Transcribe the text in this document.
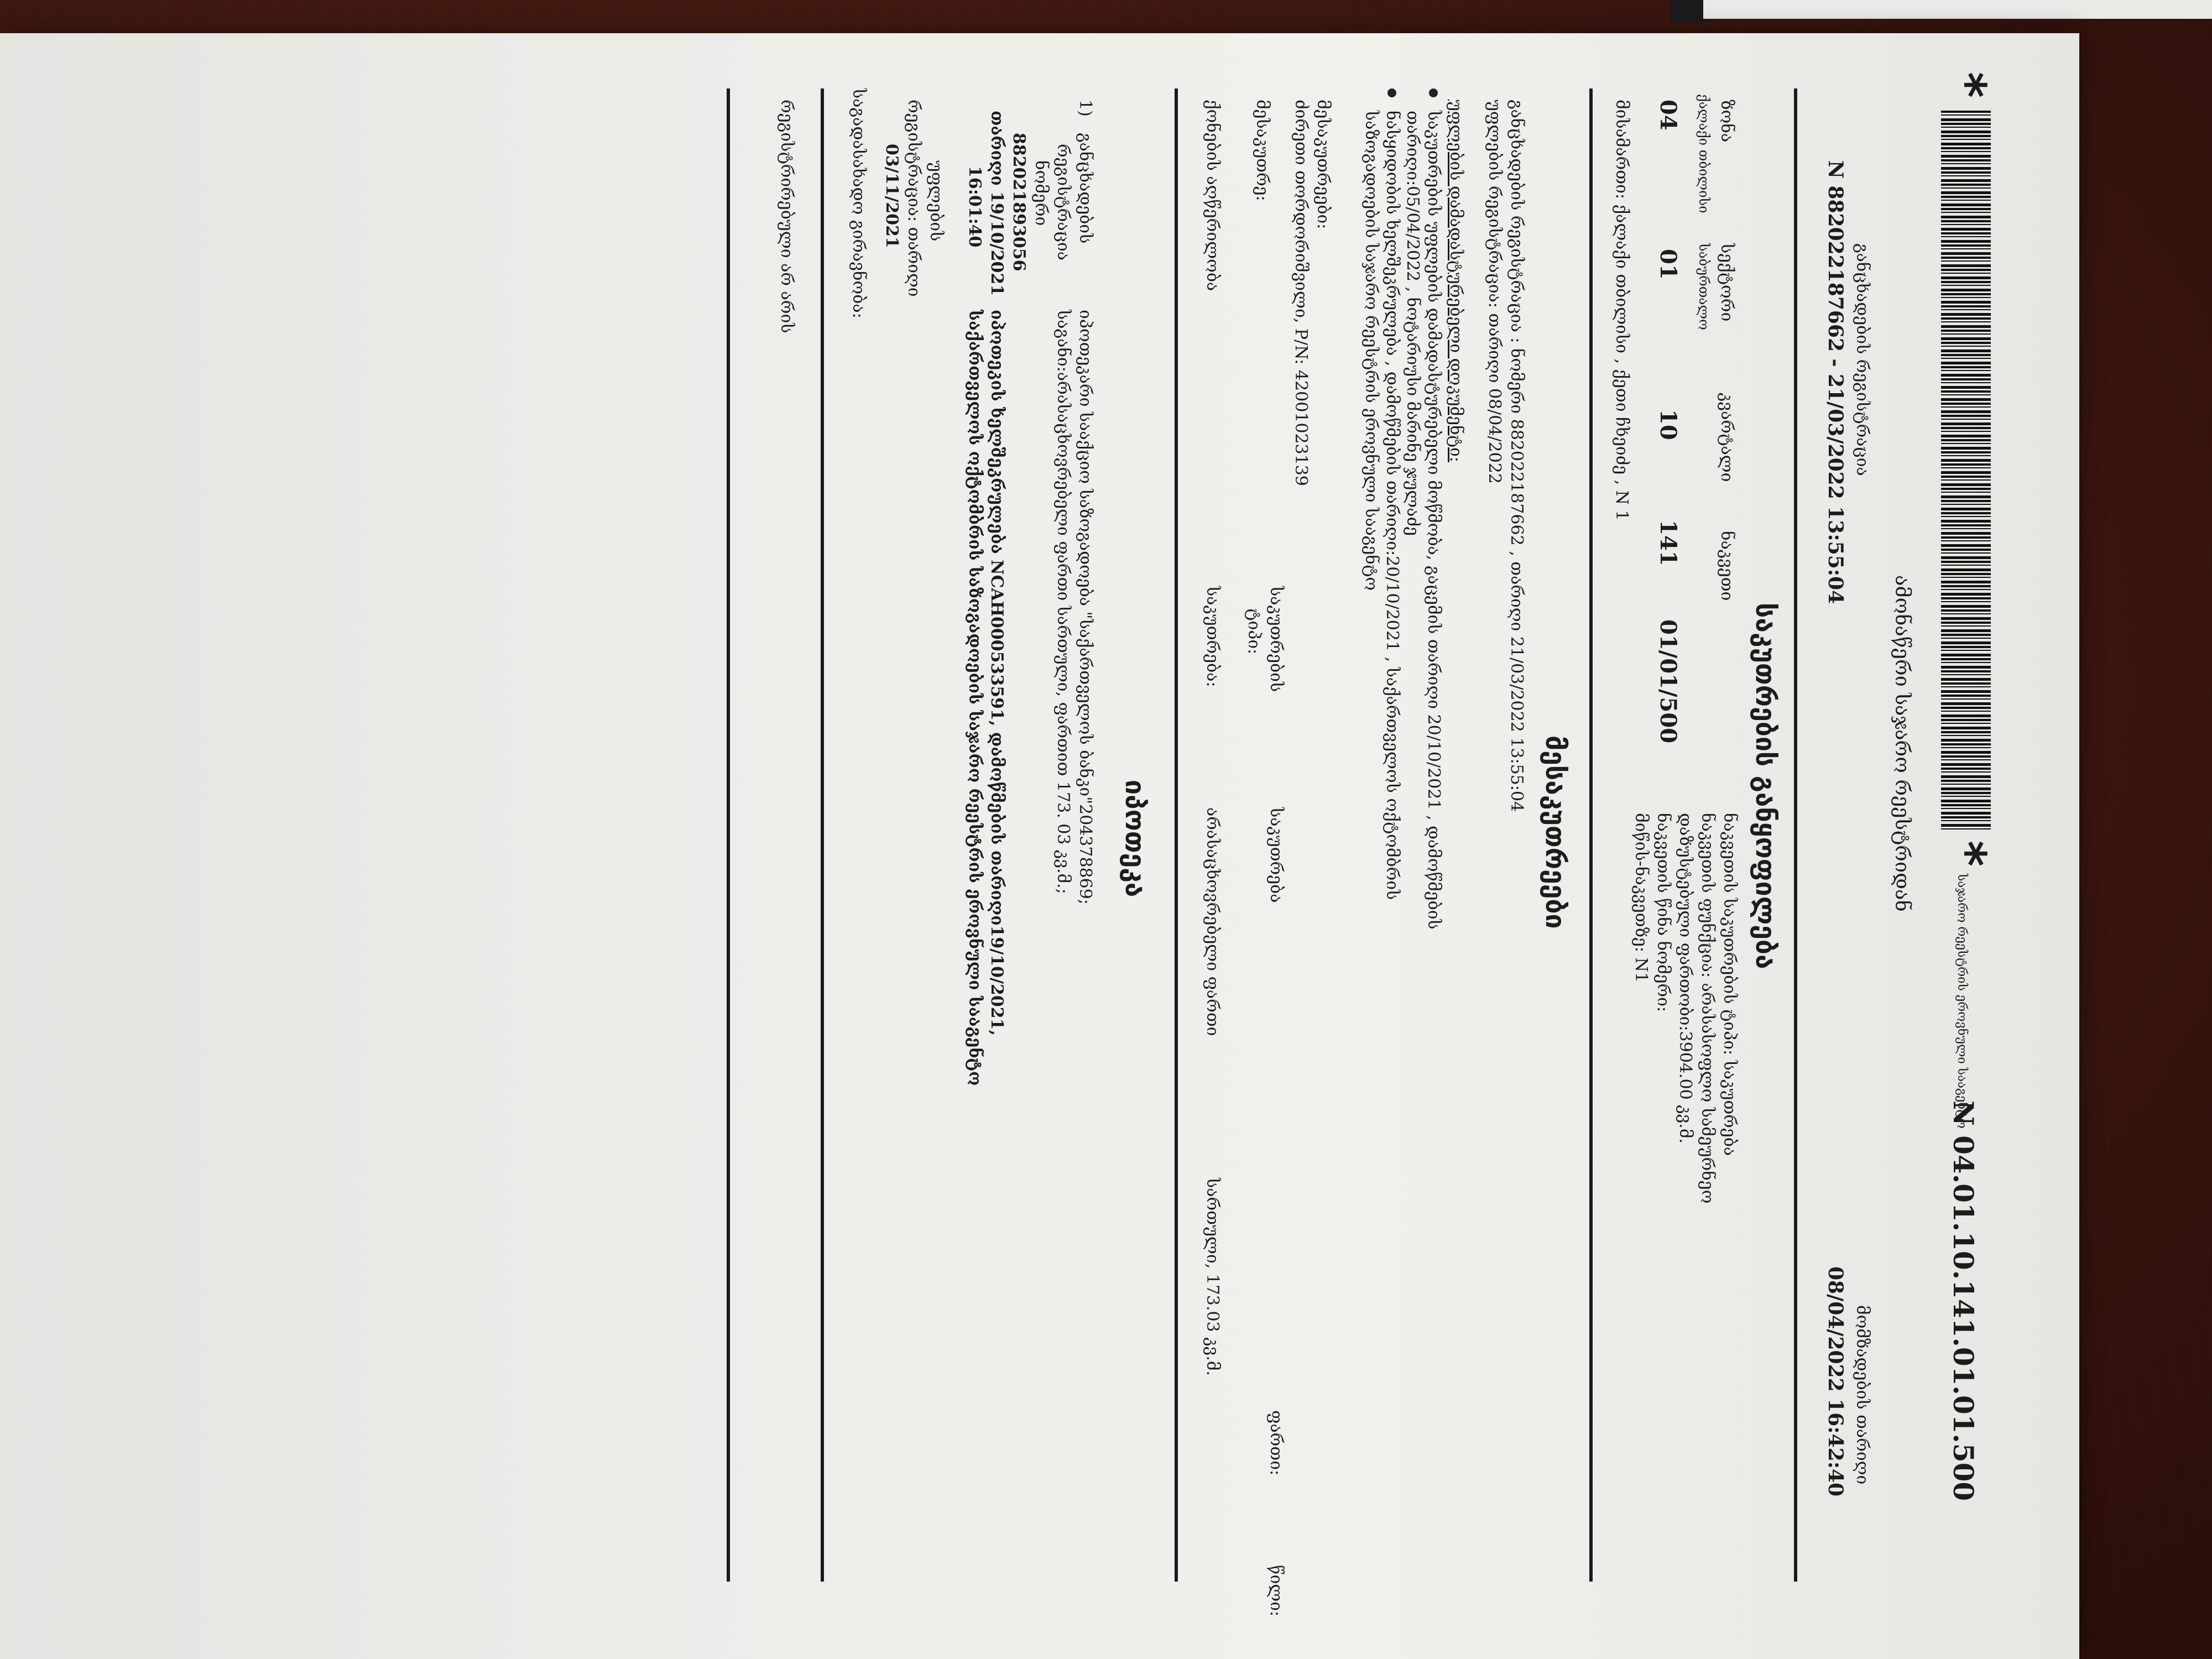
*
*
საჯარო რეესტრის ეროვნული სააგენტო
N 04.01.10.141.01.01.500
ამონაწერი საჯარო რეესტრიდან
განცხადების რეგისტრაცია
N 882022187662 - 21/03/2022 13:55:04
მომზადების თარიღი
08/04/2022 16:42:40
საკუთრების განყოფილება
ზონა
ქალაქი თბილისი
04
სექტორი
საბურთალო
01
კვარტალი
10
ნაკვეთი
141
01/01/500
ნაკვეთის საკუთრების ტიპი: საკუთრება
ნაკვეთის ფუნქცია: არასასოფლო სამეურნეო
დაზუსტებული ფართობი:3904.00 კვ.მ.
ნაკვეთის წინა ნომერი:
მიწის-ნაკვეთზე: N1
მისამართი: ქალაქი თბილისი , ქეთი ჩხეიძე , N 1
მესაკუთრეები
განცხადების რეგისტრაცია : ნომერი 882022187662 , თარიღი 21/03/2022 13:55:04
უფლების რეგისტრაცია: თარიღი 08/04/2022
უფლების დამადასტურებელი დოკუმენტი:
საკუთრების უფლების დამადასტურებელი მოწმობა, გაცემის თარიღი 20/10/2021 , დამოწმების
თარიღი:05/04/2022 , ნოტარიუსი მარინე ჯულაძე
ნასყიდობის ხელშეკრულება , დამოწმების თარიღი:20/10/2021 , საქართველოს ოქტომბრის
საზოგადოების საჯარო რეესტრის ეროვნული სააგენტო
მესაკუთრეები:
ძირეთი თორდორიშვილი, P/N: 42001023139
მესაკუთრე:
საკუთრების
ტიპი:
საკუთრება
ფართი:
წილი:
ქონების აღწერილობა
საკუთრება:
არასაცხოვრებელი ფართი
სართული, 173.03 კვ.მ.
იპოთეკა
1)
განცხადების
რეგისტრაცია
ნომერი
882021893056
თარიღი 19/10/2021
16:01:40
იპოთეკარი სააქციო საზოგადოება "საქართველოს ბანკი"204378869;
საგანი:არასაცხოვრებელი ფართი სართული, ფართით 173. 03 კვ.მ.;
იპოთეკის ხელშეკრულება NCAH000533591, დამოწმების თარიღი19/10/2021,
საქართველოს ოქტომბრის საზოგადოების საჯარო რეესტრის ეროვნული სააგენტო
უფლების
რეგისტრაცია: თარიღი
03/11/2021
საგადასახადო გირავნობა:
რეგისტრირებული არ არის
